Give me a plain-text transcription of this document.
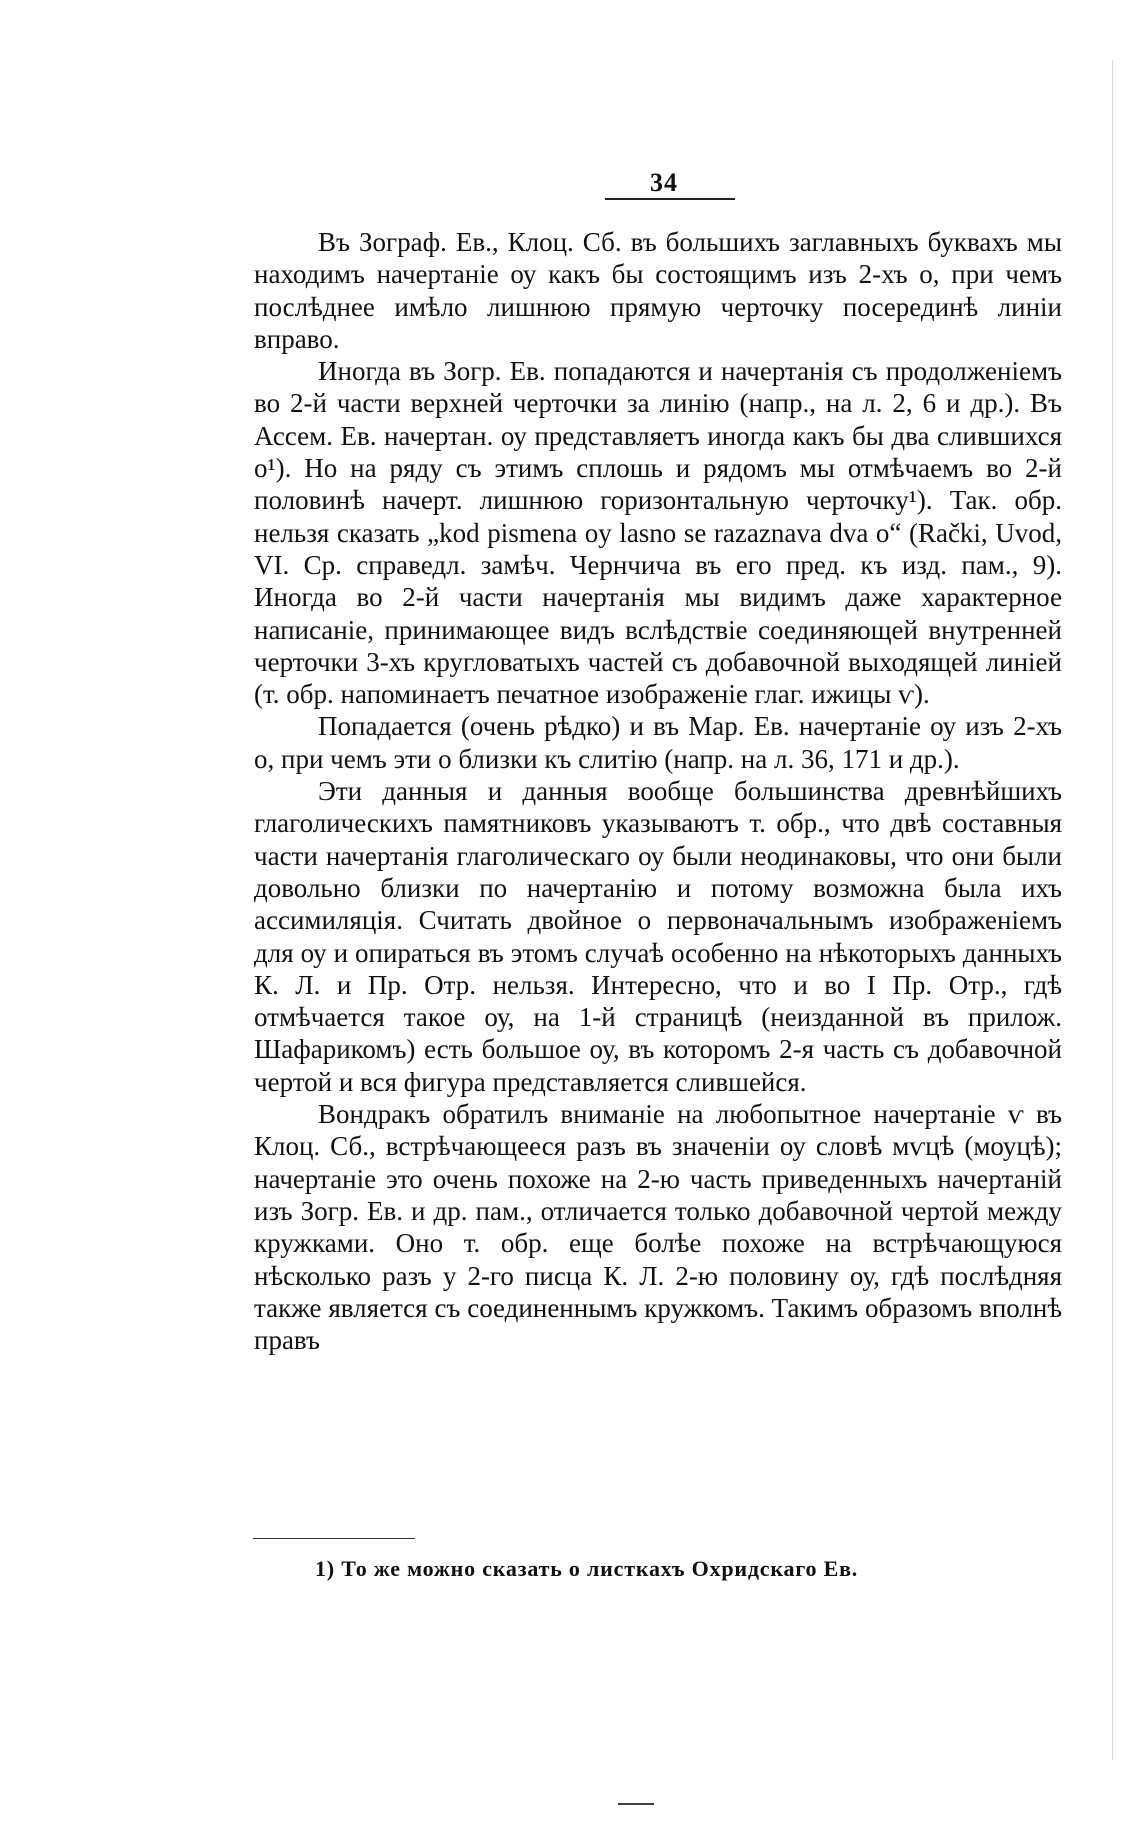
34

Въ Зограф. Ев., Клоц. Сб. въ большихъ заглавныхъ буквахъ мы находимъ начертаніе оу какъ бы состоящимъ изъ 2-хъ о, при чемъ послѣднее имѣло лишнюю прямую черточку посерединѣ линіи вправо.

Иногда въ Зогр. Ев. попадаются и начертанія съ продолженіемъ во 2-й части верхней черточки за линію (напр., на л. 2, 6 и др.). Въ Ассем. Ев. начертан. оу представляетъ иногда какъ бы два слившихся о¹). Но на ряду съ этимъ сплошь и рядомъ мы отмѣчаемъ во 2-й половинѣ начерт. лишнюю горизонтальную черточку¹). Так. обр. нельзя сказать „kod pismena oy lasno se razaznava dva o“ (Rački, Uvod, VI. Ср. справедл. замѣч. Чернчича въ его пред. къ изд. пам., 9). Иногда во 2-й части начертанія мы видимъ даже характерное написаніе, принимающее видъ вслѣдствіе соединяющей внутренней черточки 3-хъ кругловатыхъ частей съ добавочной выходящей линіей (т. обр. напоминаетъ печатное изображеніе глаг. ижицы ѵ).

Попадается (очень рѣдко) и въ Мар. Ев. начертаніе оу изъ 2-хъ о, при чемъ эти о близки къ слитію (напр. на л. 36, 171 и др.).

Эти данныя и данныя вообще большинства древнѣйшихъ глаголическихъ памятниковъ указываютъ т. обр., что двѣ составныя части начертанія глаголическаго оу были неодинаковы, что они были довольно близки по начертанію и потому возможна была ихъ ассимиляція. Считать двойное о первоначальнымъ изображеніемъ для оу и опираться въ этомъ случаѣ особенно на нѣкоторыхъ данныхъ К. Л. и Пр. Отр. нельзя. Интересно, что и во I Пр. Отр., гдѣ отмѣчается такое оу, на 1-й страницѣ (неизданной въ прилож. Шафарикомъ) есть большое оу, въ которомъ 2-я часть съ добавочной чертой и вся фигура представляется слившейся.

Вондракъ обратилъ вниманіе на любопытное начертаніе ѵ въ Клоц. Сб., встрѣчающееся разъ въ значеніи оу словѣ мѵцѣ (моуцѣ); начертаніе это очень похоже на 2-ю часть приведенныхъ начертаній изъ Зогр. Ев. и др. пам., отличается только добавочной чертой между кружками. Оно т. обр. еще болѣе похоже на встрѣчающуюся нѣсколько разъ у 2-го писца К. Л. 2-ю половину оу, гдѣ послѣдняя также является съ соединеннымъ кружкомъ. Такимъ образомъ вполнѣ правъ

1) То же можно сказать о листкахъ Охридскаго Ев.
